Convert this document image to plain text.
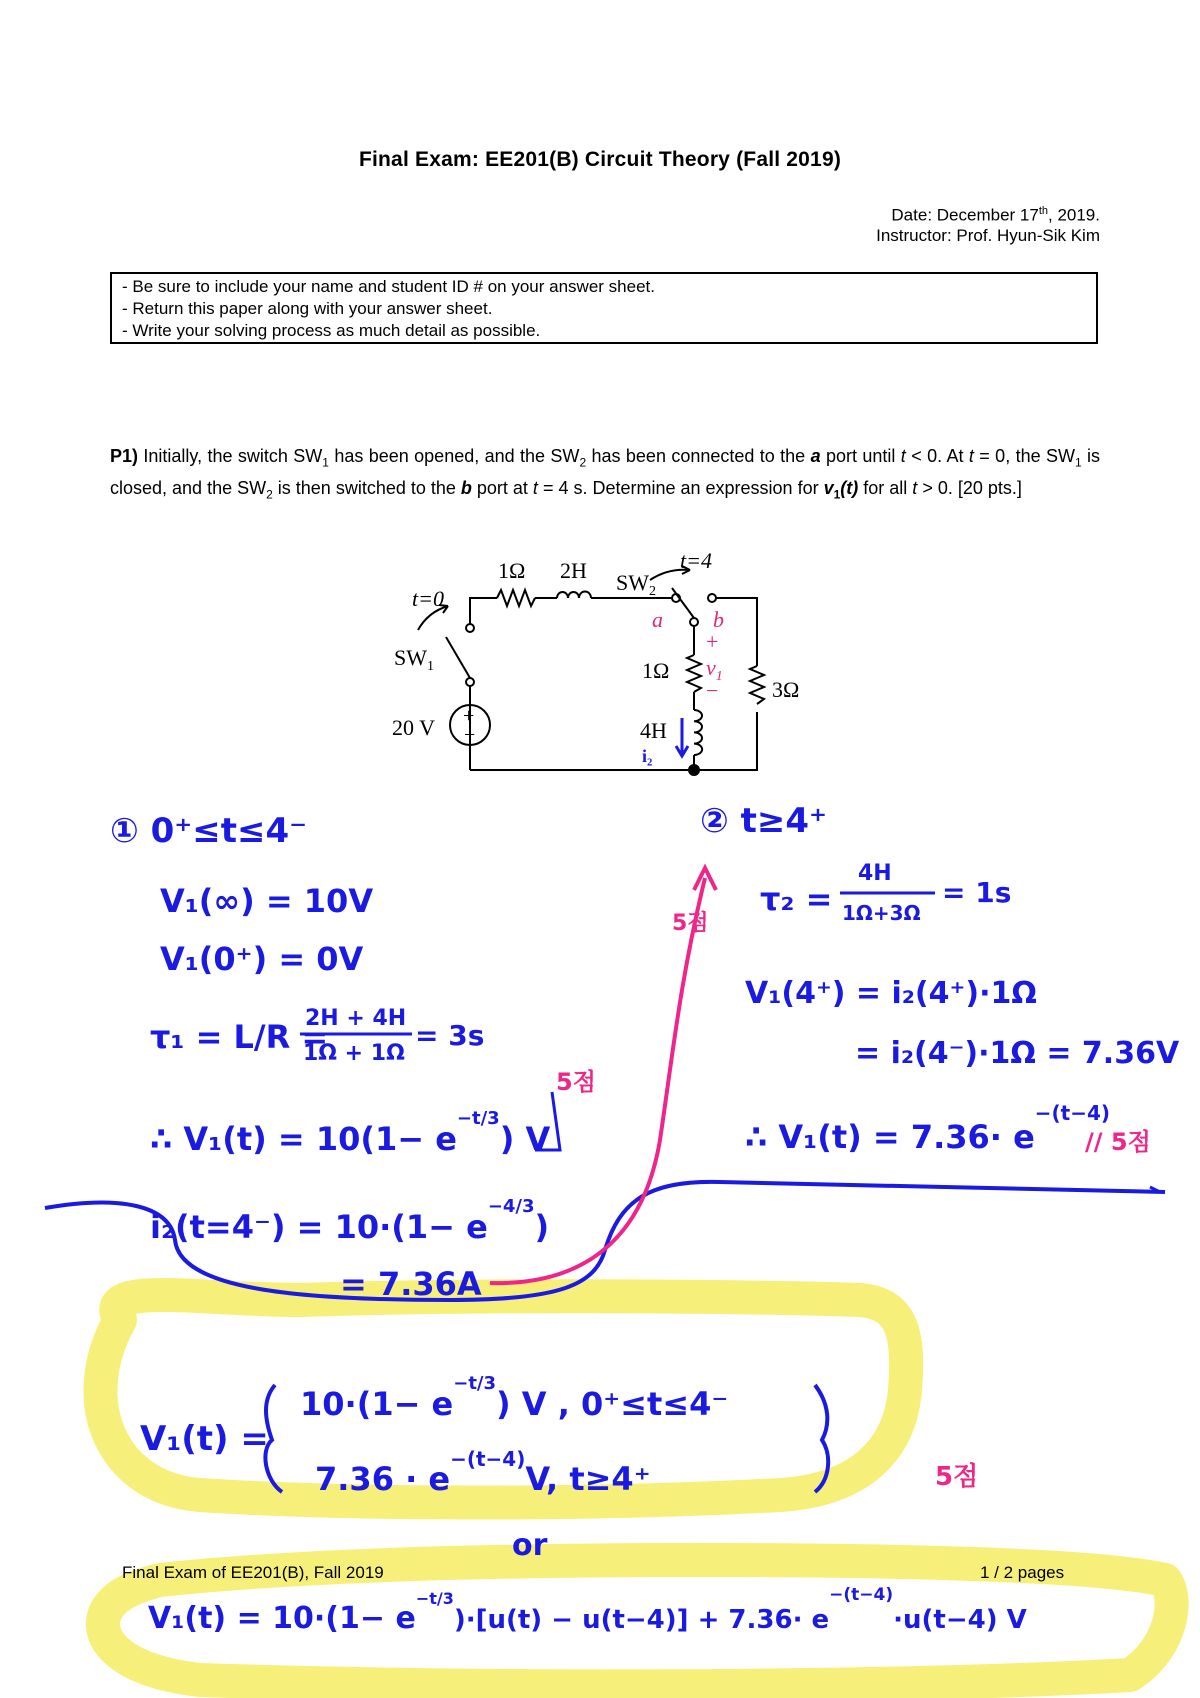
Final Exam: EE201(B) Circuit Theory (Fall 2019)
Date: December 17th, 2019.
Instructor: Prof. Hyun-Sik Kim
- Be sure to include your name and student ID # on your answer sheet.
- Return this paper along with your answer sheet.
- Write your solving process as much detail as possible.
P1) Initially, the switch $SW_1$ has been opened, and the $SW_2$ has been connected to the a port until t < 0. At t = 0, the $SW_1$ is closed, and the $SW_2$ is then switched to the b port at t = 4 s. Determine an expression for $v_1(t)$ for all t > 0. [20 pts.]
1Ω 2H $SW_2$
t=4
t=0
$SW_1$
a b
+
$v_1$
−
1Ω
3Ω
20 V +
−	4H
i₂
① 0⁺≤t≤4⁻
V₁(∞) = 10V
V₁(0⁺) = 0V
τ₁ = L/R =
2H + 4H
1Ω + 1Ω
= 3s
∴ $V_1(t) = 10(1- e^{-t/3})$ V
5점
$i_2(t=4^-) = 10\cdot(1- e^{-4/3})$
= 7.36A
5점
② t≥4⁺
τ₂ =
4H
1Ω+3Ω
= 1s
V₁(4⁺) = i₂(4⁺)·1Ω
= i₂(4⁻)·1Ω = 7.36V
∴ $V_1(t) = 7.36\cdot e^{-(t-4)}$
// 5점
V₁(t) =
$10\cdot(1- e^{-t/3})$ V , 0⁺≤t≤4⁻
$7.36 \cdot e^{-(t-4)}V$, t≥4⁺	5점
or
$V_1(t) = 10\cdot(1- e^{-t/3})\cdot[u(t) - u(t-4)] + 7.36\cdot e^{-(t-4)}\cdot u(t-4)$ V
Final Exam of EE201(B), Fall 2019	1 / 2 pages
